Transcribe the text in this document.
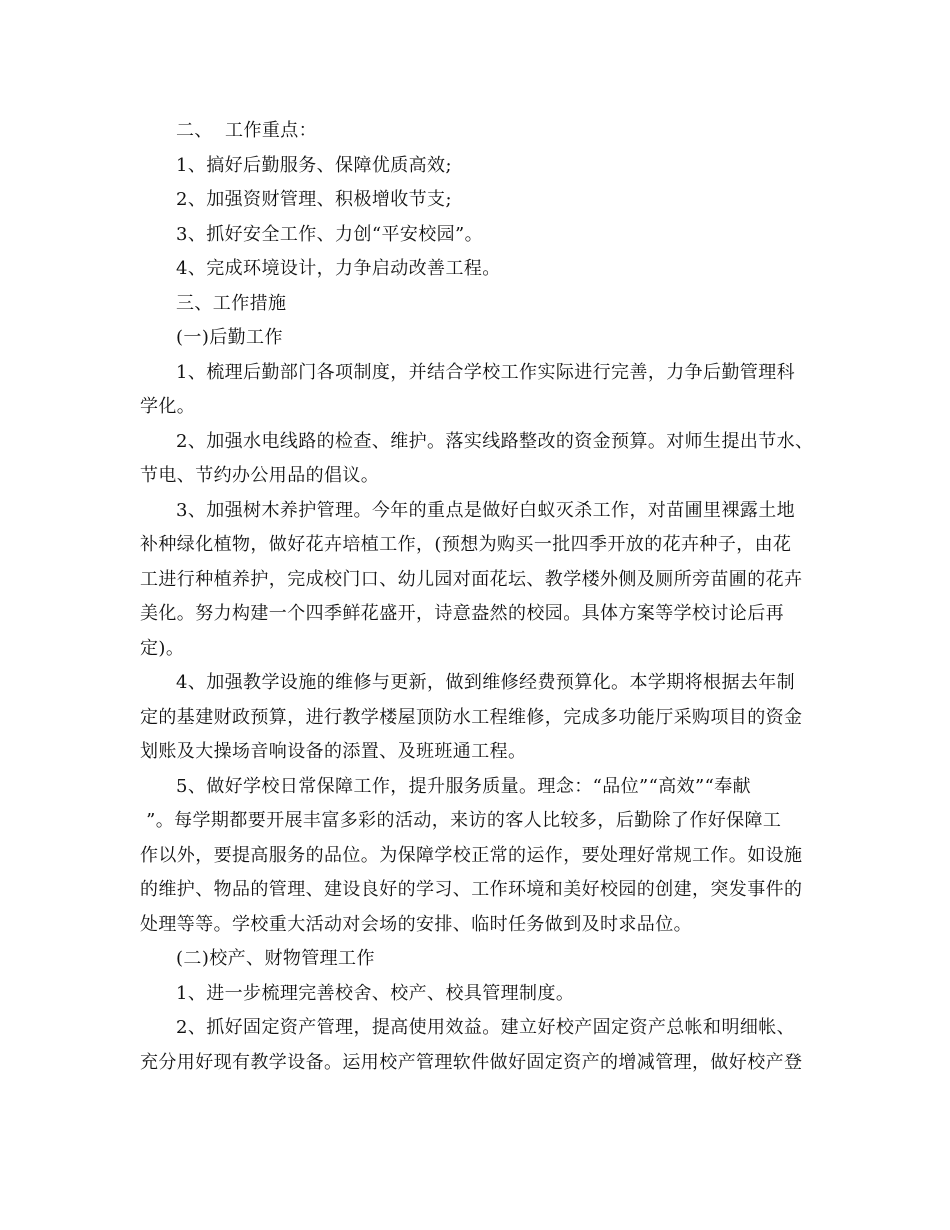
二、  工作重点：
1、搞好后勤服务、保障优质高效;
2、加强资财管理、积极增收节支;
3、抓好安全工作、力创“平安校园”。
4、完成环境设计，力争启动改善工程。
三、工作措施
(一)后勤工作
1、梳理后勤部门各项制度，并结合学校工作实际进行完善，力争后勤管理科
学化。
2、加强水电线路的检查、维护。落实线路整改的资金预算。对师生提出节水、
节电、节约办公用品的倡议。
3、加强树木养护管理。今年的重点是做好白蚁灭杀工作，对苗圃里裸露土地
补种绿化植物，做好花卉培植工作，(预想为购买一批四季开放的花卉种子，由花
工进行种植养护，完成校门口、幼儿园对面花坛、教学楼外侧及厕所旁苗圃的花卉
美化。努力构建一个四季鲜花盛开，诗意盎然的校园。具体方案等学校讨论后再
定)。
4、加强教学设施的维修与更新，做到维修经费预算化。本学期将根据去年制
定的基建财政预算，进行教学楼屋顶防水工程维修，完成多功能厅采购项目的资金
划账及大操场音响设备的添置、及班班通工程。
5、做好学校日常保障工作，提升服务质量。理念：“品位”“高效”“奉献
”。每学期都要开展丰富多彩的活动，来访的客人比较多，后勤除了作好保障工
作以外，要提高服务的品位。为保障学校正常的运作，要处理好常规工作。如设施
的维护、物品的管理、建设良好的学习、工作环境和美好校园的创建，突发事件的
处理等等。学校重大活动对会场的安排、临时任务做到及时求品位。
(二)校产、财物管理工作
1、进一步梳理完善校舍、校产、校具管理制度。
2、抓好固定资产管理，提高使用效益。建立好校产固定资产总帐和明细帐、
充分用好现有教学设备。运用校产管理软件做好固定资产的增减管理，做好校产登
